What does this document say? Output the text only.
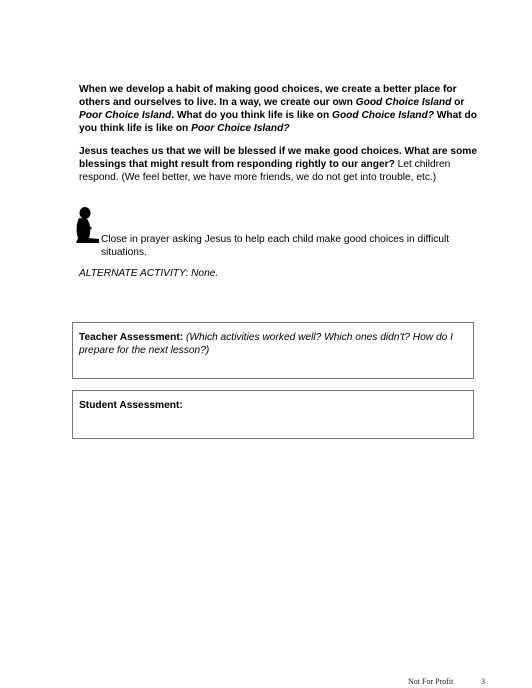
When we develop a habit of making good choices, we create a better place for others and ourselves to live. In a way, we create our own Good Choice Island or Poor Choice Island. What do you think life is like on Good Choice Island? What do you think life is like on Poor Choice Island?
Jesus teaches us that we will be blessed if we make good choices. What are some blessings that might result from responding rightly to our anger? Let children respond. (We feel better, we have more friends, we do not get into trouble, etc.)
Close in prayer asking Jesus to help each child make good choices in difficult situations.
ALTERNATE ACTIVITY: None.
Teacher Assessment: (Which activities worked well? Which ones didn't? How do I prepare for the next lesson?)
Student Assessment:
Not For Profit	3
